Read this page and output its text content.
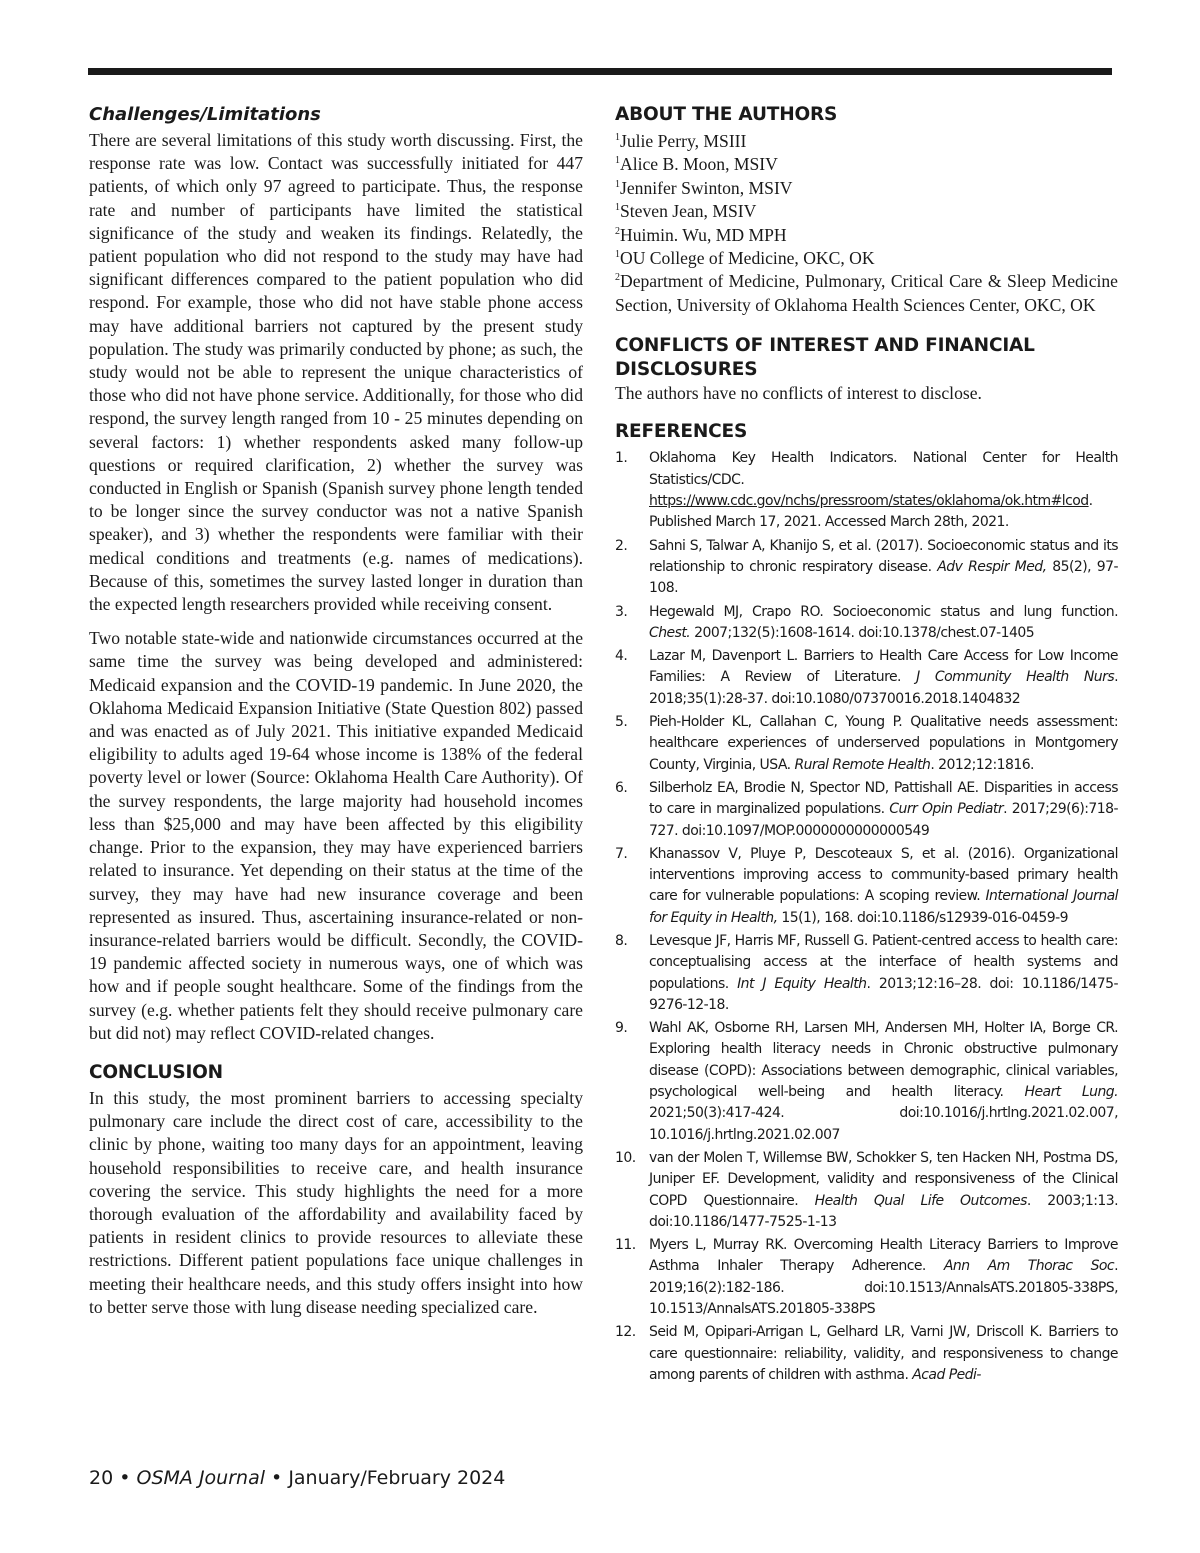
Challenges/Limitations

There are several limitations of this study worth discussing. First, the response rate was low. Contact was successfully initiated for 447 patients, of which only 97 agreed to participate. Thus, the response rate and number of participants have limited the statistical significance of the study and weaken its findings. Relatedly, the patient population who did not respond to the study may have had significant differences compared to the patient population who did respond. For example, those who did not have stable phone access may have additional barriers not captured by the present study population. The study was primarily conducted by phone; as such, the study would not be able to represent the unique characteristics of those who did not have phone service. Additionally, for those who did respond, the survey length ranged from 10 - 25 minutes depending on several factors: 1) whether respondents asked many follow-up questions or required clarification, 2) whether the survey was conducted in English or Spanish (Spanish survey phone length tended to be longer since the survey conductor was not a native Spanish speaker), and 3) whether the respondents were familiar with their medical conditions and treatments (e.g. names of medications). Because of this, sometimes the survey lasted longer in duration than the expected length researchers provided while receiving consent.

Two notable state-wide and nationwide circumstances occurred at the same time the survey was being developed and administered: Medicaid expansion and the COVID-19 pandemic. In June 2020, the Oklahoma Medicaid Expansion Initiative (State Question 802) passed and was enacted as of July 2021. This initiative expanded Medicaid eligibility to adults aged 19-64 whose income is 138% of the federal poverty level or lower (Source: Oklahoma Health Care Authority). Of the survey respondents, the large majority had household incomes less than $25,000 and may have been affected by this eligibility change. Prior to the expansion, they may have experienced barriers related to insurance. Yet depending on their status at the time of the survey, they may have had new insurance coverage and been represented as insured. Thus, ascertaining insurance-related or non-insurance-related barriers would be difficult. Secondly, the COVID-19 pandemic affected society in numerous ways, one of which was how and if people sought healthcare. Some of the findings from the survey (e.g. whether patients felt they should receive pulmonary care but did not) may reflect COVID-related changes.

CONCLUSION

In this study, the most prominent barriers to accessing specialty pulmonary care include the direct cost of care, accessibility to the clinic by phone, waiting too many days for an appointment, leaving household responsibilities to receive care, and health insurance covering the service. This study highlights the need for a more thorough evaluation of the affordability and availability faced by patients in resident clinics to provide resources to alleviate these restrictions. Different patient populations face unique challenges in meeting their healthcare needs, and this study offers insight into how to better serve those with lung disease needing specialized care.

ABOUT THE AUTHORS
$^1$Julie Perry, MSIII
$^1$Alice B. Moon, MSIV
$^1$Jennifer Swinton, MSIV
$^1$Steven Jean, MSIV
$^2$Huimin. Wu, MD MPH
$^1$OU College of Medicine, OKC, OK
$^2$Department of Medicine, Pulmonary, Critical Care & Sleep Medicine Section, University of Oklahoma Health Sciences Center, OKC, OK
CONFLICTS OF INTEREST AND FINANCIAL DISCLOSURES

The authors have no conflicts of interest to disclose.

REFERENCES
1. Oklahoma Key Health Indicators. National Center for Health Statistics/CDC. https://www.cdc.gov/nchs/pressroom/states/oklahoma/ok.htm#lcod. Published March 17, 2021. Accessed March 28th, 2021.
2. Sahni S, Talwar A, Khanijo S, et al. (2017). Socioeconomic status and its relationship to chronic respiratory disease. Adv Respir Med, 85(2), 97-108.
3. Hegewald MJ, Crapo RO. Socioeconomic status and lung function. Chest. 2007;132(5):1608-1614. doi:10.1378/chest.07-1405
4. Lazar M, Davenport L. Barriers to Health Care Access for Low Income Families: A Review of Literature. J Community Health Nurs. 2018;35(1):28-37. doi:10.1080/07370016.2018.1404832
5. Pieh-Holder KL, Callahan C, Young P. Qualitative needs assessment: healthcare experiences of underserved populations in Montgomery County, Virginia, USA. Rural Remote Health. 2012;12:1816.
6. Silberholz EA, Brodie N, Spector ND, Pattishall AE. Disparities in access to care in marginalized populations. Curr Opin Pediatr. 2017;29(6):718-727. doi:10.1097/MOP.0000000000000549
7. Khanassov V, Pluye P, Descoteaux S, et al. (2016). Organizational interventions improving access to community-based primary health care for vulnerable populations: A scoping review. International Journal for Equity in Health, 15(1), 168. doi:10.1186/s12939-016-0459-9
8. Levesque JF, Harris MF, Russell G. Patient-centred access to health care: conceptualising access at the interface of health systems and populations. Int J Equity Health. 2013;12:16–28. doi: 10.1186/1475-9276-12-18.
9. Wahl AK, Osborne RH, Larsen MH, Andersen MH, Holter IA, Borge CR. Exploring health literacy needs in Chronic obstructive pulmonary disease (COPD): Associations between demographic, clinical variables, psychological well-being and health literacy. Heart Lung. 2021;50(3):417-424. doi:10.1016/j.hrtlng.2021.02.007, 10.1016/j.hrtlng.2021.02.007
10. van der Molen T, Willemse BW, Schokker S, ten Hacken NH, Postma DS, Juniper EF. Development, validity and responsiveness of the Clinical COPD Questionnaire. Health Qual Life Outcomes. 2003;1:13. doi:10.1186/1477-7525-1-13
11. Myers L, Murray RK. Overcoming Health Literacy Barriers to Improve Asthma Inhaler Therapy Adherence. Ann Am Thorac Soc. 2019;16(2):182-186. doi:10.1513/AnnalsATS.201805-338PS, 10.1513/AnnalsATS.201805-338PS
12. Seid M, Opipari-Arrigan L, Gelhard LR, Varni JW, Driscoll K. Barriers to care questionnaire: reliability, validity, and responsiveness to change among parents of children with asthma. Acad Pedi-
20 • OSMA Journal • January/February 2024
